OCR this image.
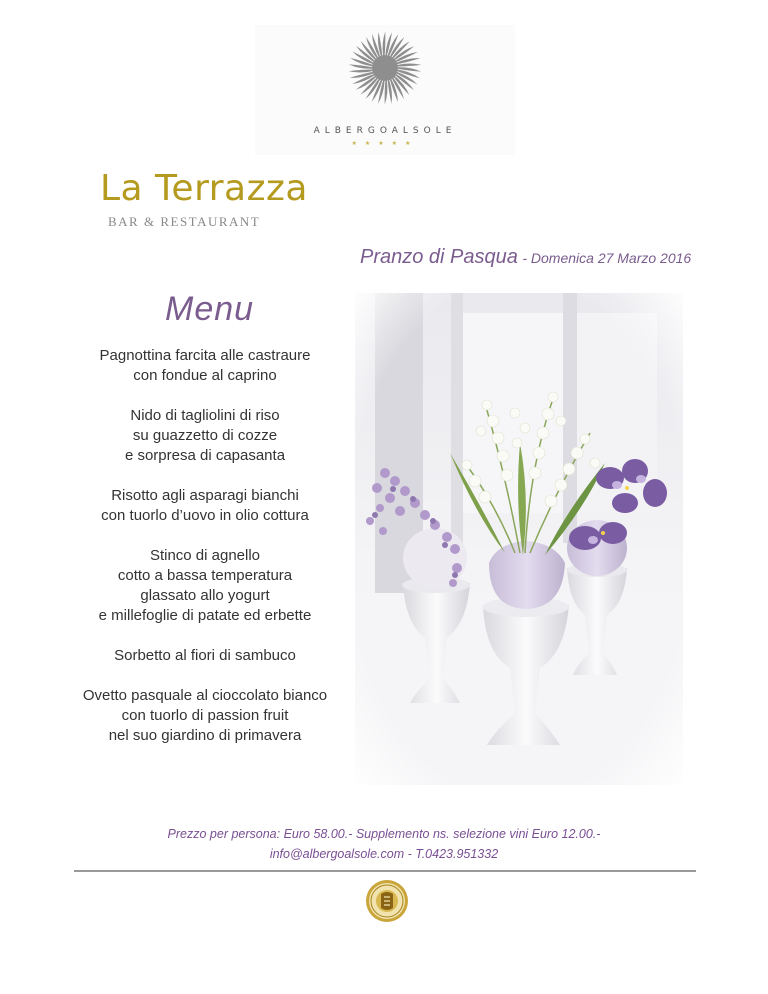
ALBERGOALSOLE
★★★★★
La Terrazza
BAR & RESTAURANT
Pranzo di Pasqua - Domenica 27 Marzo 2016
Menu
Pagnottina farcita alle castraure
con fondue al caprino
Nido di tagliolini di riso
su guazzetto di cozze
e sorpresa di capasanta
Risotto agli asparagi bianchi
con tuorlo d’uovo in olio cottura
Stinco di agnello
cotto a bassa temperatura
glassato allo yogurt
e millefoglie di patate ed erbette
Sorbetto al fiori di sambuco
Ovetto pasquale al cioccolato bianco
con tuorlo di passion fruit
nel suo giardino di primavera
Prezzo per persona: Euro 58.00.- Supplemento ns. selezione vini Euro 12.00.-
info@albergoalsole.com - T.0423.951332
